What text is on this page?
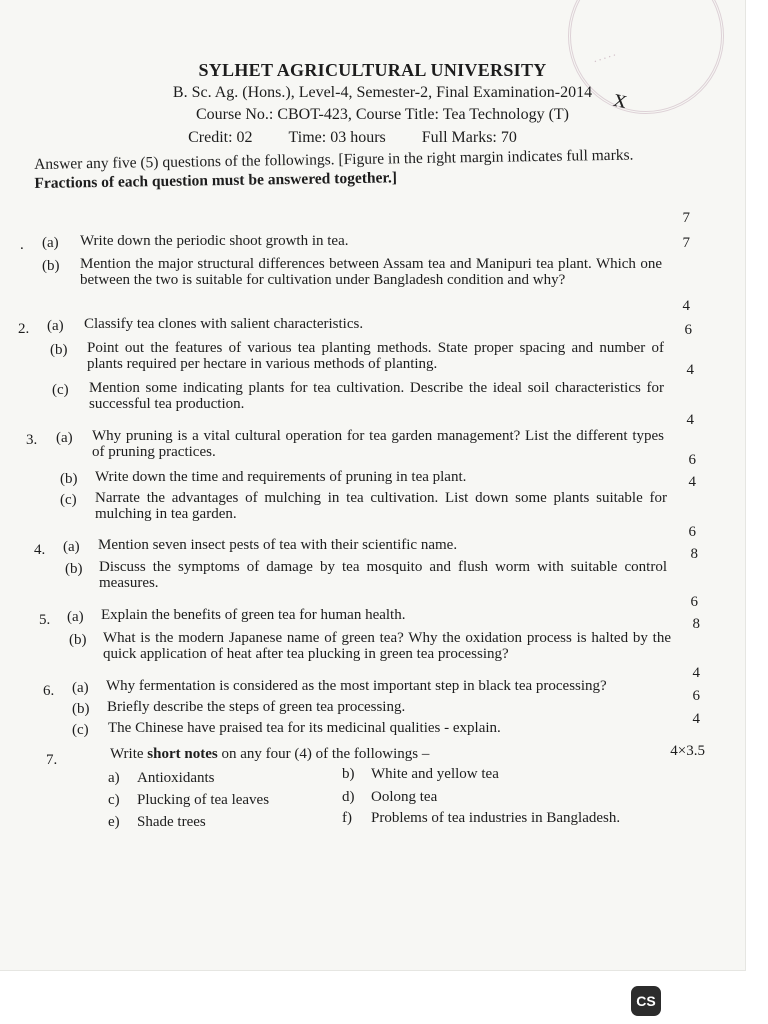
·····
SYLHET AGRICULTURAL UNIVERSITY
B. Sc. Ag. (Hons.), Level-4, Semester-2, Final Examination-2014
Course No.: CBOT-423, Course Title: Tea Technology (T)
Credit: 02 Time: 03 hours Full Marks: 70
x
Answer any five (5) questions of the followings. [Figure in the right margin indicates full marks. Fractions of each question must be answered together.]
. (a) Write down the periodic shoot growth in tea.
7
(b) Mention the major structural differences between Assam tea and Manipuri tea plant. Which one between the two is suitable for cultivation under Bangladesh condition and why?
7
2. (a) Classify tea clones with salient characteristics.
4
(b) Point out the features of various tea planting methods. State proper spacing and number of plants required per hectare in various methods of planting.
6
(c) Mention some indicating plants for tea cultivation. Describe the ideal soil characteristics for successful tea production.
4
3. (a) Why pruning is a vital cultural operation for tea garden management? List the different types of pruning practices.
4
(b) Write down the time and requirements of pruning in tea plant.
6
(c) Narrate the advantages of mulching in tea cultivation. List down some plants suitable for mulching in tea garden.
4
4. (a) Mention seven insect pests of tea with their scientific name.
6
(b) Discuss the symptoms of damage by tea mosquito and flush worm with suitable control measures.
8
5. (a) Explain the benefits of green tea for human health.
6
(b) What is the modern Japanese name of green tea? Why the oxidation process is halted by the quick application of heat after tea plucking in green tea processing?
8
6. (a) Why fermentation is considered as the most important step in black tea processing?
4
(b) Briefly describe the steps of green tea processing.
6
(c) The Chinese have praised tea for its medicinal qualities - explain.
4
7.	Write short notes on any four (4) of the followings –	4×3.5
a) Antioxidants	b) White and yellow tea
c) Plucking of tea leaves	d) Oolong tea
e) Shade trees	f) Problems of tea industries in Bangladesh.
CS
